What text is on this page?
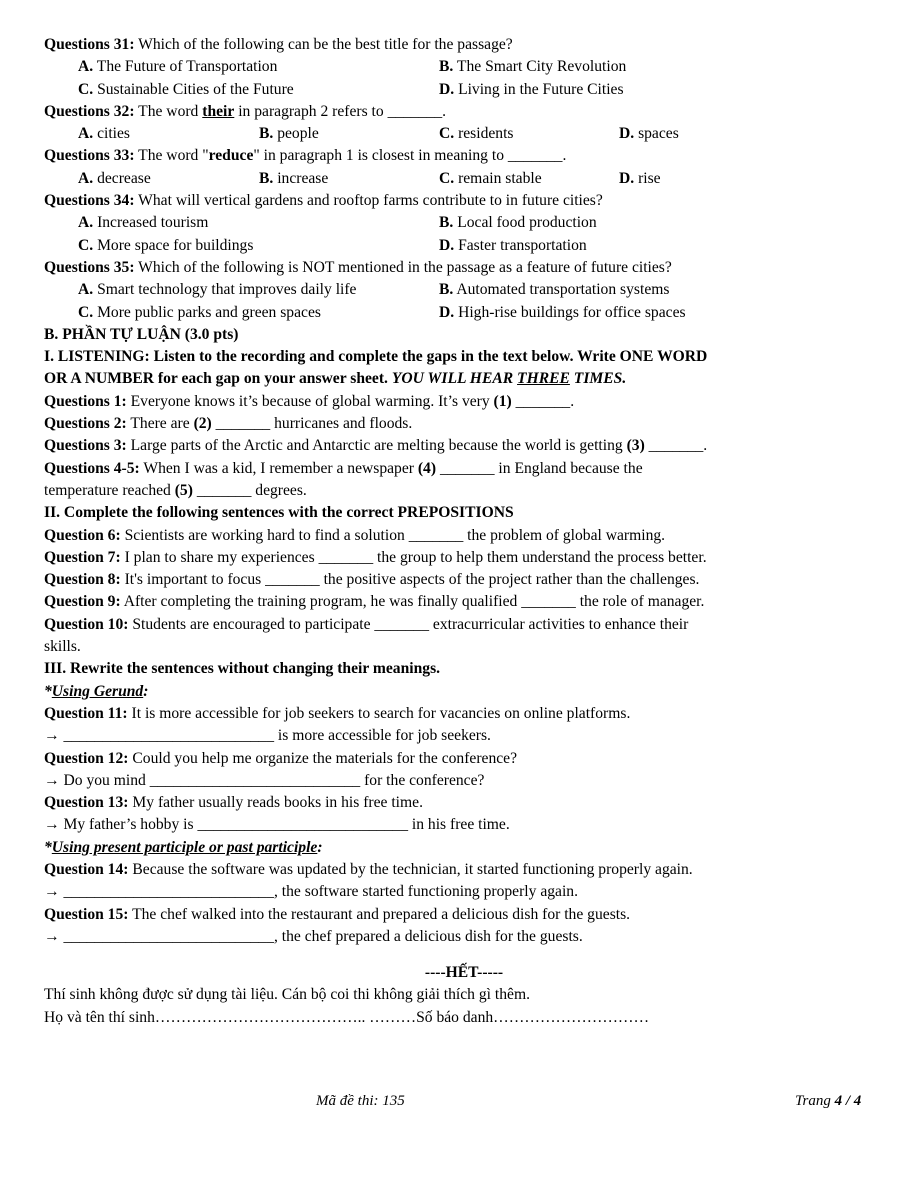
Questions 31: Which of the following can be the best title for the passage?
A. The Future of Transportation	B. The Smart City Revolution
C. Sustainable Cities of the Future	D. Living in the Future Cities
Questions 32: The word their in paragraph 2 refers to _______.
A. cities	B. people	C. residents	D. spaces
Questions 33: The word "reduce" in paragraph 1 is closest in meaning to _______.
A. decrease	B. increase	C. remain stable	D. rise
Questions 34: What will vertical gardens and rooftop farms contribute to in future cities?
A. Increased tourism	B. Local food production
C. More space for buildings	D. Faster transportation
Questions 35: Which of the following is NOT mentioned in the passage as a feature of future cities?
A. Smart technology that improves daily life	B. Automated transportation systems
C. More public parks and green spaces	D. High-rise buildings for office spaces
B. PHẦN TỰ LUẬN (3.0 pts)
I. LISTENING: Listen to the recording and complete the gaps in the text below. Write ONE WORD
OR A NUMBER for each gap on your answer sheet. YOU WILL HEAR THREE TIMES.
Questions 1: Everyone knows it’s because of global warming. It’s very (1) _______.
Questions 2: There are (2) _______ hurricanes and floods.
Questions 3: Large parts of the Arctic and Antarctic are melting because the world is getting (3) _______.
Questions 4-5: When I was a kid, I remember a newspaper (4) _______ in England because the
temperature reached (5) _______ degrees.
II. Complete the following sentences with the correct PREPOSITIONS
Question 6: Scientists are working hard to find a solution _______ the problem of global warming.
Question 7: I plan to share my experiences _______ the group to help them understand the process better.
Question 8: It's important to focus _______ the positive aspects of the project rather than the challenges.
Question 9: After completing the training program, he was finally qualified _______ the role of manager.
Question 10: Students are encouraged to participate _______ extracurricular activities to enhance their
skills.
III. Rewrite the sentences without changing their meanings.
*Using Gerund:
Question 11: It is more accessible for job seekers to search for vacancies on online platforms.
→ ___________________________ is more accessible for job seekers.
Question 12: Could you help me organize the materials for the conference?
→ Do you mind ___________________________ for the conference?
Question 13: My father usually reads books in his free time.
→ My father’s hobby is ___________________________ in his free time.
*Using present participle or past participle:
Question 14: Because the software was updated by the technician, it started functioning properly again.
→ ___________________________, the software started functioning properly again.
Question 15: The chef walked into the restaurant and prepared a delicious dish for the guests.
→ ___________________________, the chef prepared a delicious dish for the guests.
----HẾT-----
Thí sinh không được sử dụng tài liệu. Cán bộ coi thi không giải thích gì thêm.
Họ và tên thí sinh………………………………….. ………Số báo danh…………………………
Mã đề thi: 135	Trang 4 / 4
